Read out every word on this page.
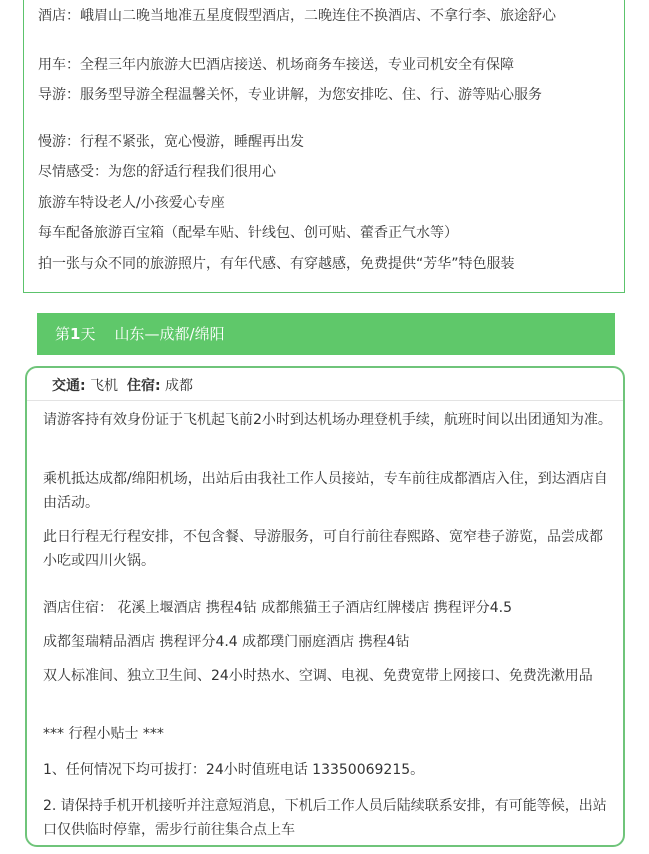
酒店：峨眉山二晚当地准五星度假型酒店，二晚连住不换酒店、不拿行李、旅途舒心

用车：全程三年内旅游大巴酒店接送、机场商务车接送，专业司机安全有保障

导游：服务型导游全程温馨关怀，专业讲解，为您安排吃、住、行、游等贴心服务

慢游：行程不紧张，宽心慢游，睡醒再出发

尽情感受：为您的舒适行程我们很用心

旅游车特设老人/小孩爱心专座

每车配备旅游百宝箱（配晕车贴、针线包、创可贴、藿香正气水等）

拍一张与众不同的旅游照片，有年代感、有穿越感，免费提供“芳华”特色服装

第1天 山东—成都/绵阳
交通: 飞机 住宿: 成都

请游客持有效身份证于飞机起飞前2小时到达机场办理登机手续，航班时间以出团通知为准。

乘机抵达成都/绵阳机场，出站后由我社工作人员接站，专车前往成都酒店入住，到达酒店自由活动。

此日行程无行程安排，不包含餐、导游服务，可自行前往春熙路、宽窄巷子游览，品尝成都小吃或四川火锅。

酒店住宿： 花溪上堰酒店 携程4钻 成都熊猫王子酒店红牌楼店 携程评分4.5

成都玺瑞精品酒店 携程评分4.4 成都璞门丽庭酒店 携程4钻

双人标准间、独立卫生间、24小时热水、空调、电视、免费宽带上网接口、免费洗漱用品

*** 行程小贴士 ***

1、任何情况下均可拔打：24小时值班电话 13350069215。

2. 请保持手机开机接听并注意短消息，下机后工作人员后陆续联系安排，有可能等候，出站口仅供临时停靠，需步行前往集合点上车
